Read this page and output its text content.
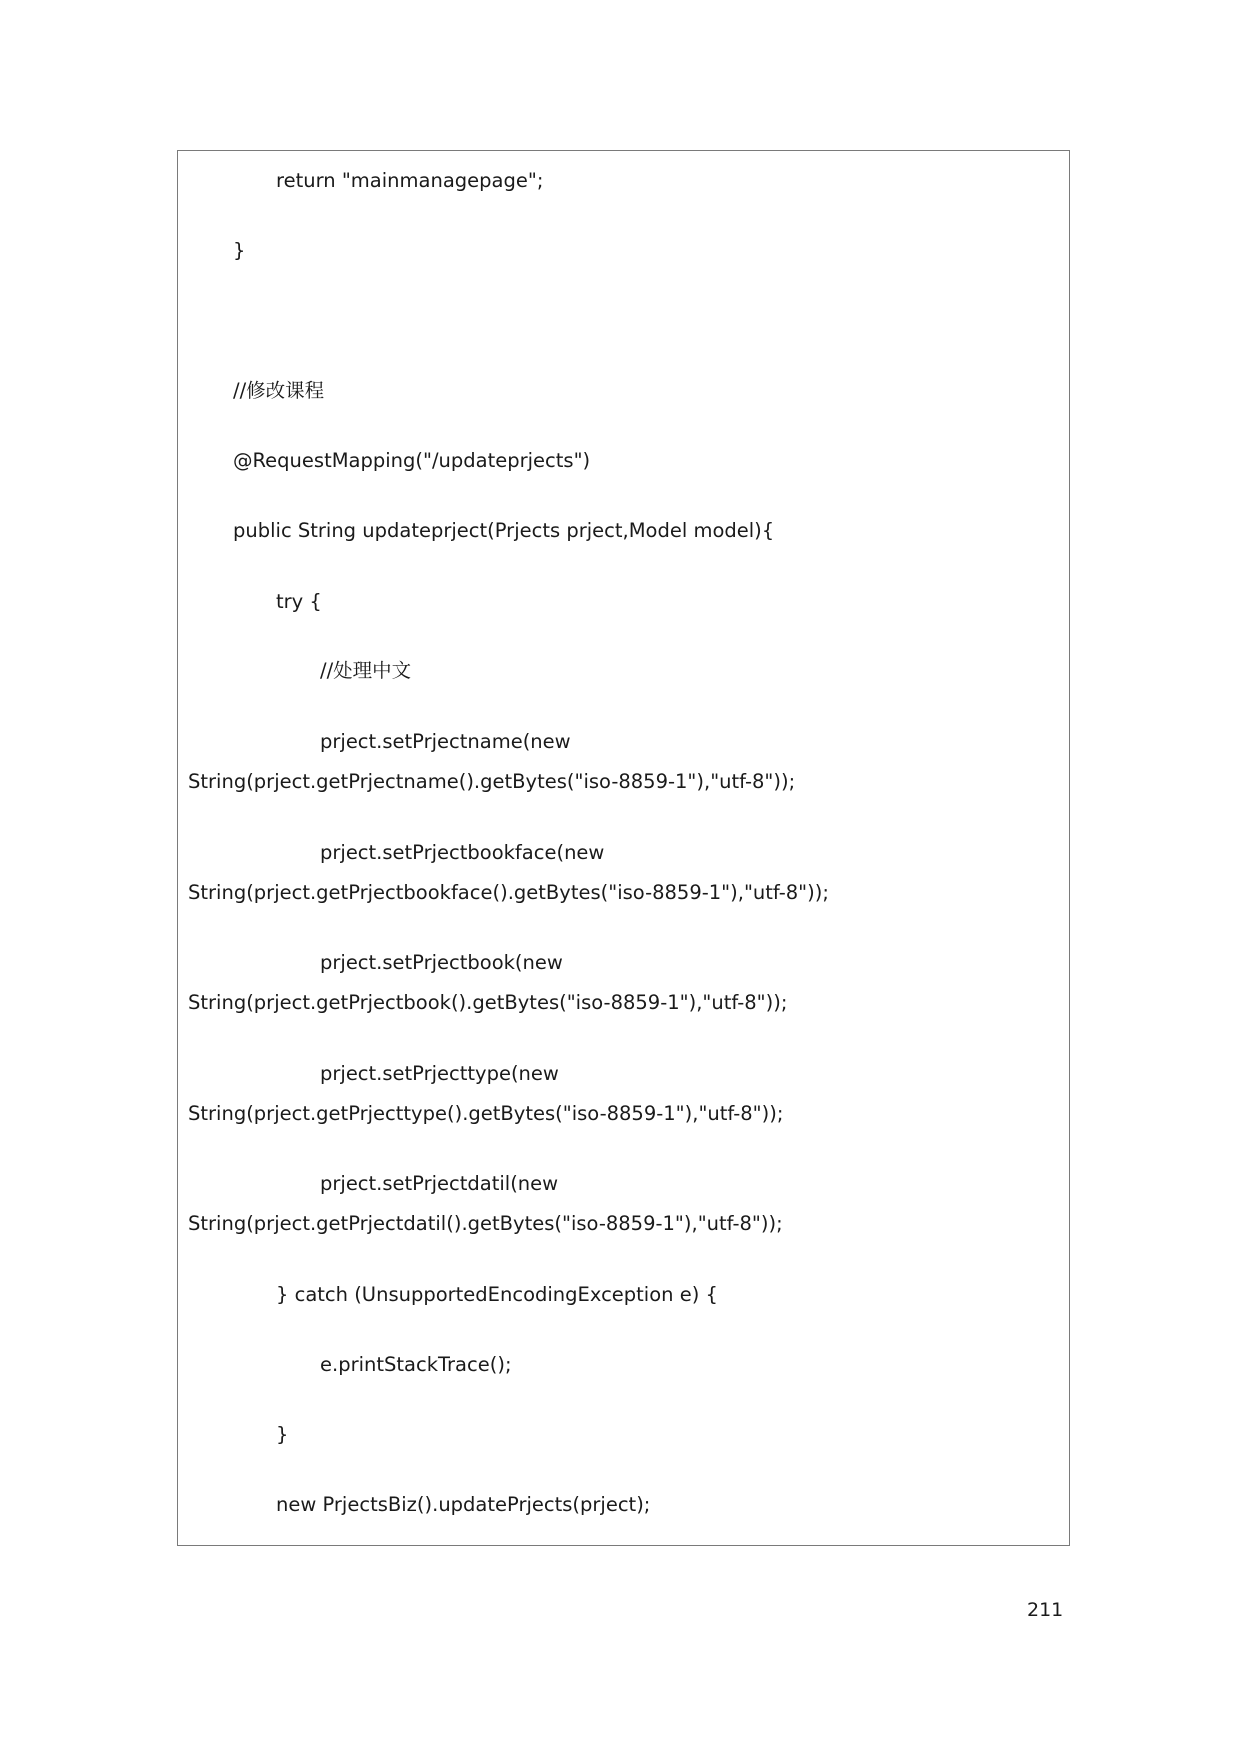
return "mainmanagepage";
}
//修改课程
@RequestMapping("/updateprjects")
public String updateprject(Prjects prject,Model model){
try {
//处理中文
prject.setPrjectname(new
String(prject.getPrjectname().getBytes("iso-8859-1"),"utf-8"));
prject.setPrjectbookface(new
String(prject.getPrjectbookface().getBytes("iso-8859-1"),"utf-8"));
prject.setPrjectbook(new
String(prject.getPrjectbook().getBytes("iso-8859-1"),"utf-8"));
prject.setPrjecttype(new
String(prject.getPrjecttype().getBytes("iso-8859-1"),"utf-8"));
prject.setPrjectdatil(new
String(prject.getPrjectdatil().getBytes("iso-8859-1"),"utf-8"));
} catch (UnsupportedEncodingException e) {
e.printStackTrace();
}
new PrjectsBiz().updatePrjects(prject);
211
